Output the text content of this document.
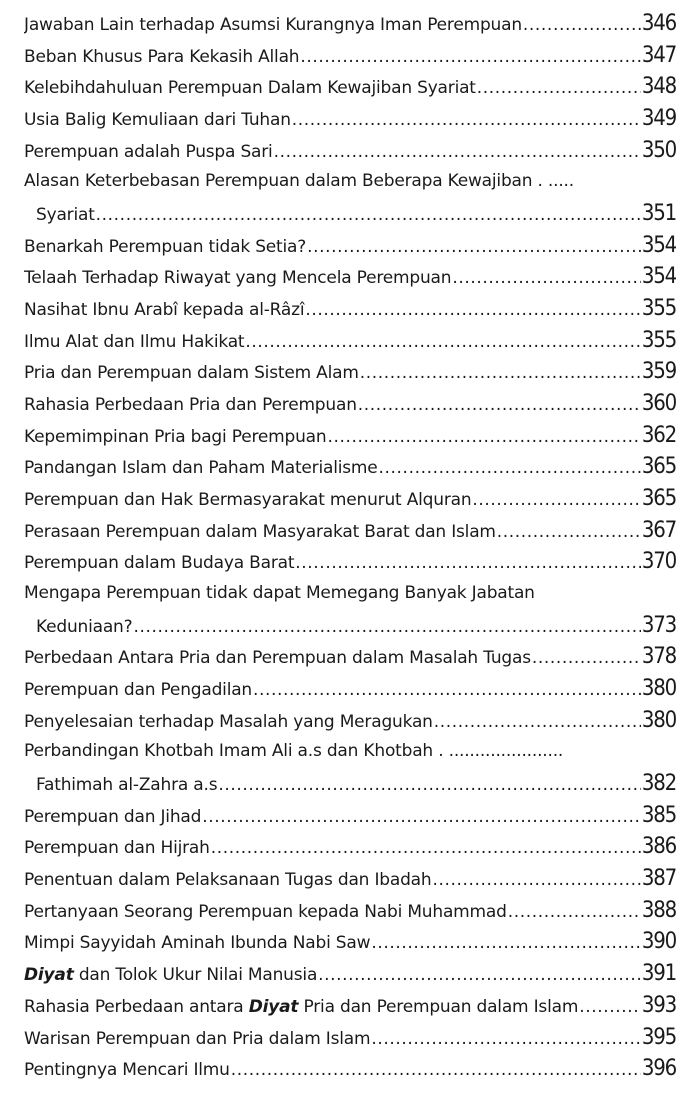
Jawaban Lain terhadap Asumsi Kurangnya Iman Perempuan .....	346
Beban Khusus Para Kekasih Allah .....	347
Kelebihdahuluan Perempuan Dalam Kewajiban Syariat .....	348
Usia Balig Kemuliaan dari Tuhan .....	349
Perempuan adalah Puspa Sari .....	350
Alasan Keterbebasan Perempuan dalam Beberapa Kewajiban . .....
Syariat .....	351
Benarkah Perempuan tidak Setia? .....	354
Telaah Terhadap Riwayat yang Mencela Perempuan .....	354
Nasihat Ibnu Arabî kepada al-Râzî .....	355
Ilmu Alat dan Ilmu Hakikat .....	355
Pria dan Perempuan dalam Sistem Alam .....	359
Rahasia Perbedaan Pria dan Perempuan .....	360
Kepemimpinan Pria bagi Perempuan .....	362
Pandangan Islam dan Paham Materialisme .....	365
Perempuan dan Hak Bermasyarakat menurut Alquran .....	365
Perasaan Perempuan dalam Masyarakat Barat dan Islam .....	367
Perempuan dalam Budaya Barat .....	370
Mengapa Perempuan tidak dapat Memegang Banyak Jabatan
Keduniaan? .....	373
Perbedaan Antara Pria dan Perempuan dalam Masalah Tugas .....	378
Perempuan dan Pengadilan .....	380
Penyelesaian terhadap Masalah yang Meragukan .....	380
Perbandingan Khotbah Imam Ali a.s dan Khotbah . ......................
Fathimah al-Zahra a.s .....	382
Perempuan dan Jihad .....	385
Perempuan dan Hijrah .....	386
Penentuan dalam Pelaksanaan Tugas dan Ibadah .....	387
Pertanyaan Seorang Perempuan kepada Nabi Muhammad .....	388
Mimpi Sayyidah Aminah Ibunda Nabi Saw .....	390
Diyat dan Tolok Ukur Nilai Manusia .....	391
Rahasia Perbedaan antara Diyat Pria dan Perempuan dalam Islam .....	393
Warisan Perempuan dan Pria dalam Islam .....	395
Pentingnya Mencari Ilmu .....	396
